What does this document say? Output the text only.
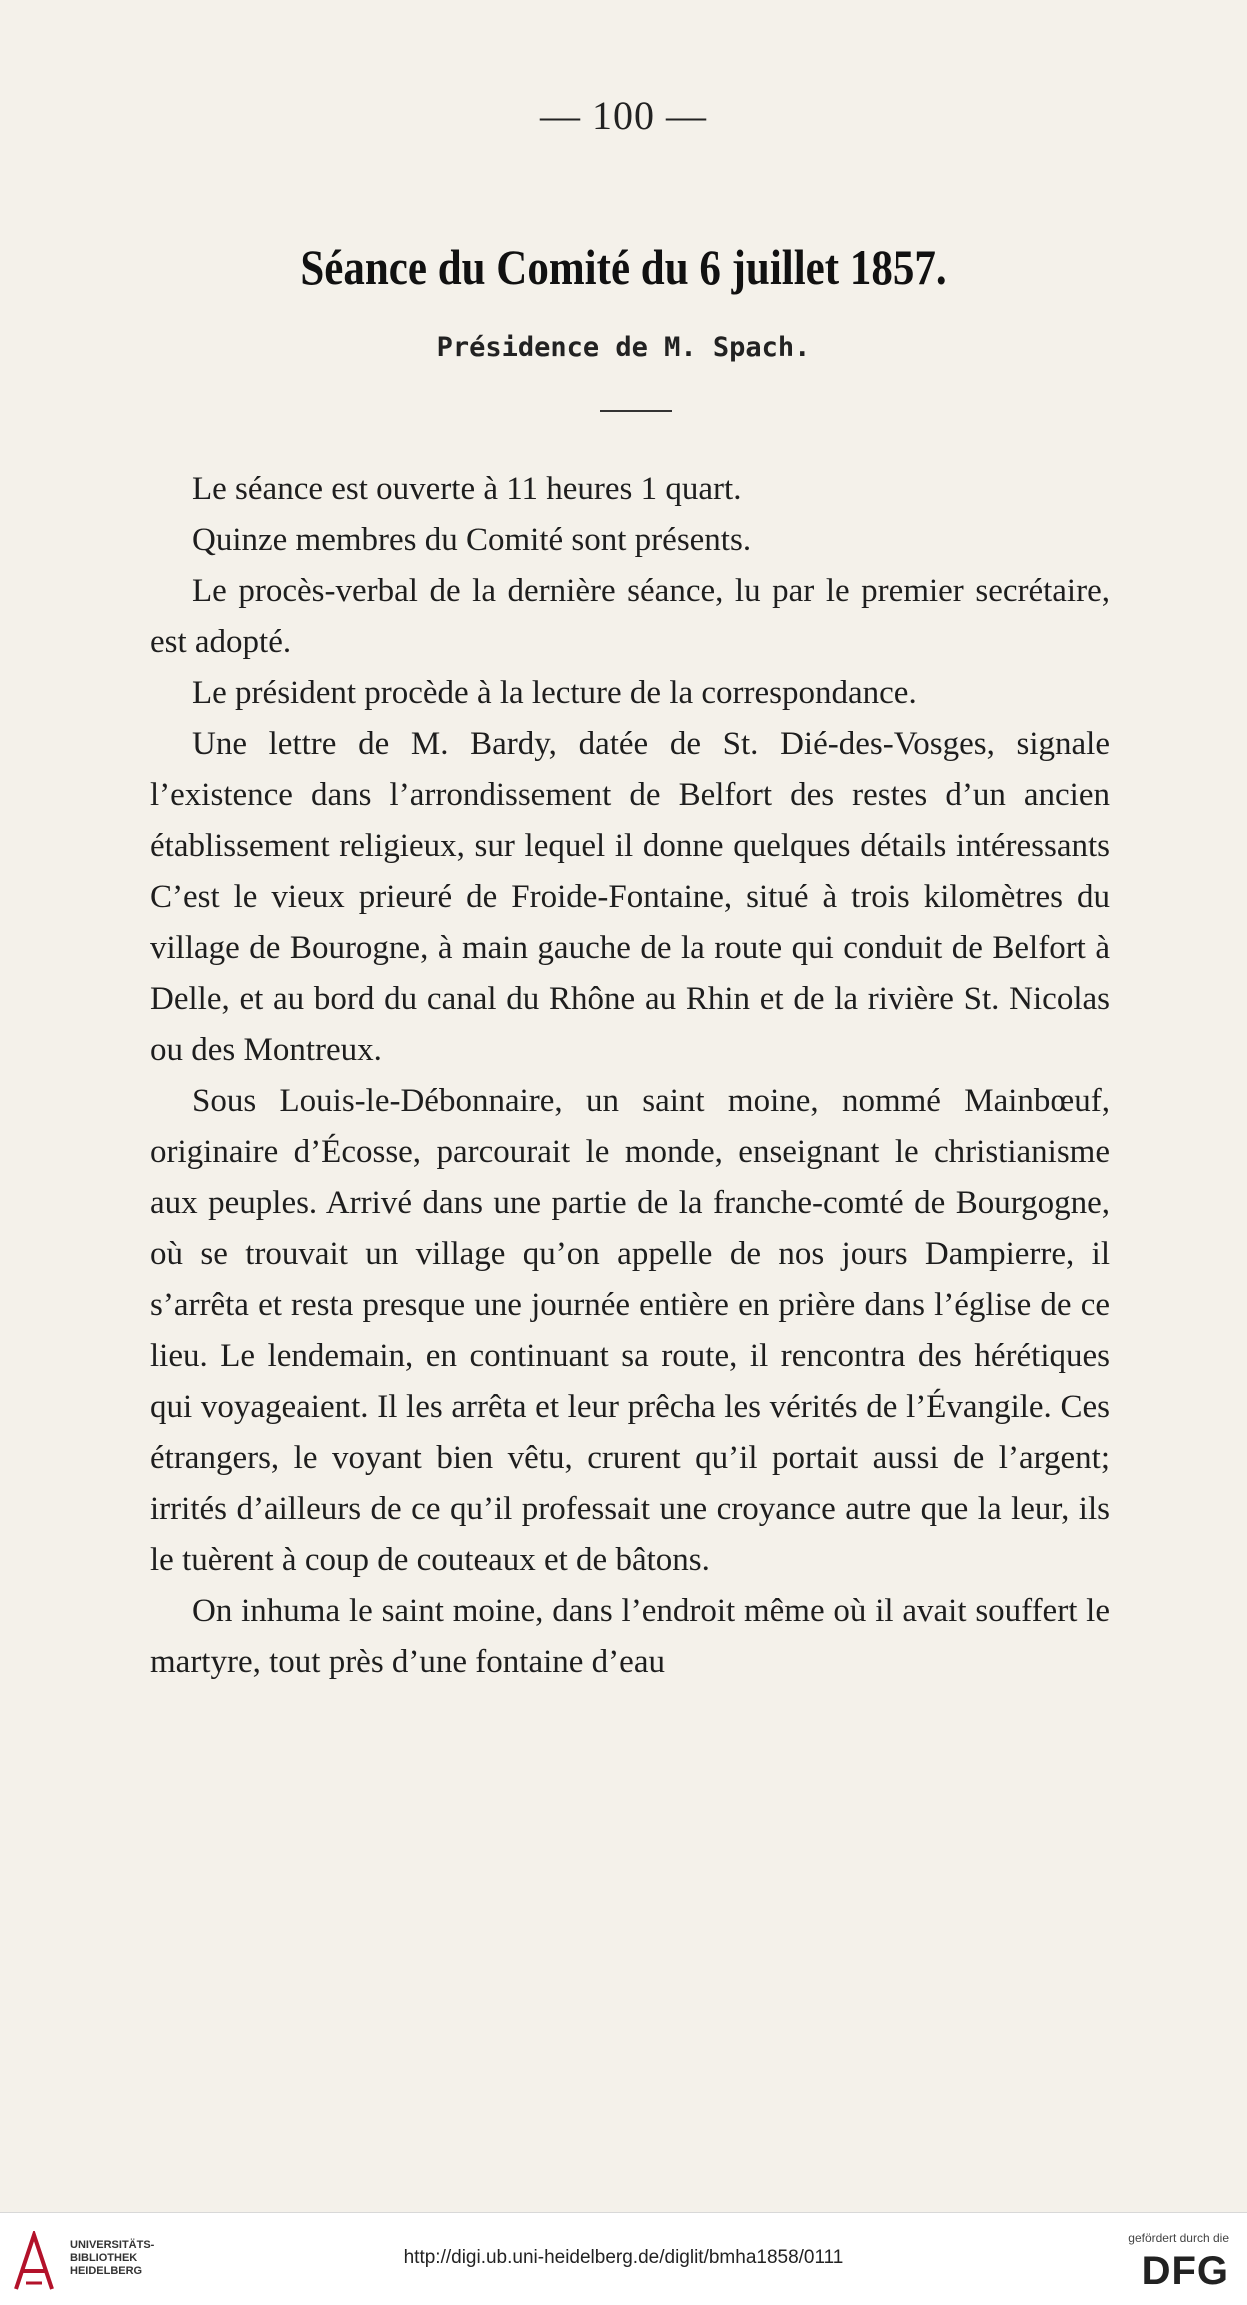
— 100 —
Séance du Comité du 6 juillet 1857.
Présidence de M. Spach.

Le séance est ouverte à 11 heures 1 quart.

Quinze membres du Comité sont présents.

Le procès-verbal de la dernière séance, lu par le premier secrétaire, est adopté.

Le président procède à la lecture de la correspondance.

Une lettre de M. Bardy, datée de St. Dié-des-Vosges, signale l’existence dans l’arrondissement de Belfort des restes d’un ancien établissement religieux, sur lequel il donne quelques détails intéressants C’est le vieux prieuré de Froide-Fontaine, situé à trois kilomètres du village de Bourogne, à main gauche de la route qui conduit de Belfort à Delle, et au bord du canal du Rhône au Rhin et de la rivière St. Nicolas ou des Montreux.

Sous Louis-le-Débonnaire, un saint moine, nommé Mainbœuf, originaire d’Écosse, parcourait le monde, enseignant le christianisme aux peuples. Arrivé dans une partie de la franche-comté de Bourgogne, où se trouvait un village qu’on appelle de nos jours Dampierre, il s’arrêta et resta presque une journée entière en prière dans l’église de ce lieu. Le lendemain, en continuant sa route, il rencontra des hérétiques qui voyageaient. Il les arrêta et leur prêcha les vérités de l’Évangile. Ces étrangers, le voyant bien vêtu, crurent qu’il portait aussi de l’argent; irrités d’ailleurs de ce qu’il professait une croyance autre que la leur, ils le tuèrent à coup de couteaux et de bâtons.

On inhuma le saint moine, dans l’endroit même où il avait souffert le martyre, tout près d’une fontaine d’eau

UNIVERSITÄTS-
BIBLIOTHEK
HEIDELBERG
http://digi.ub.uni-heidelberg.de/diglit/bmha1858/0111
gefördert durch die
DFG
